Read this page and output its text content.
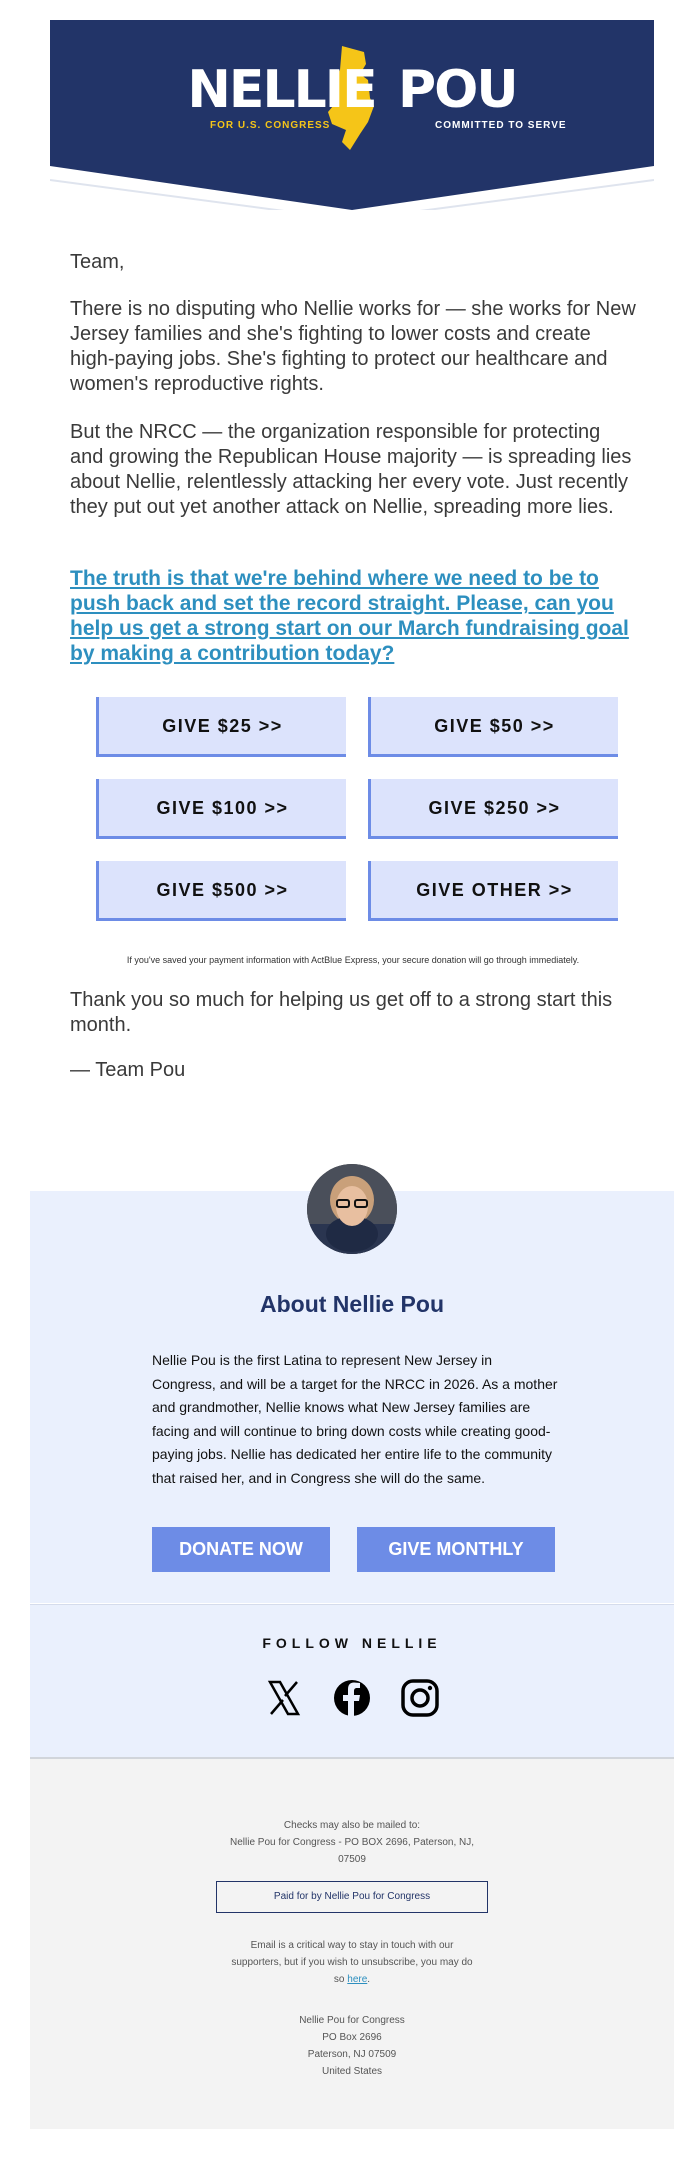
NELLIE POU
FOR U.S. CONGRESS	COMMITTED TO SERVE
Team,
There is no disputing who Nellie works for — she works for New Jersey families and she's fighting to lower costs and create high-paying jobs. She's fighting to protect our healthcare and women's reproductive rights.
But the NRCC — the organization responsible for protecting and growing the Republican House majority — is spreading lies about Nellie, relentlessly attacking her every vote. Just recently they put out yet another attack on Nellie, spreading more lies.
The truth is that we're behind where we need to be to push back and set the record straight. Please, can you help us get a strong start on our March fundraising goal by making a contribution today?
GIVE $25 >>	GIVE $50 >>
GIVE $100 >>	GIVE $250 >>
GIVE $500 >>	GIVE OTHER >>
If you've saved your payment information with ActBlue Express, your secure donation will go through immediately.
Thank you so much for helping us get off to a strong start this month.
— Team Pou
About Nellie Pou
Nellie Pou is the first Latina to represent New Jersey in Congress, and will be a target for the NRCC in 2026. As a mother and grandmother, Nellie knows what New Jersey families are facing and will continue to bring down costs while creating good-paying jobs. Nellie has dedicated her entire life to the community that raised her, and in Congress she will do the same.
DONATE NOW	GIVE MONTHLY
FOLLOW NELLIE
Checks may also be mailed to:
Nellie Pou for Congress - PO BOX 2696, Paterson, NJ,
07509
Paid for by Nellie Pou for Congress
Email is a critical way to stay in touch with our
supporters, but if you wish to unsubscribe, you may do
so here.
Nellie Pou for Congress
PO Box 2696
Paterson, NJ 07509
United States
